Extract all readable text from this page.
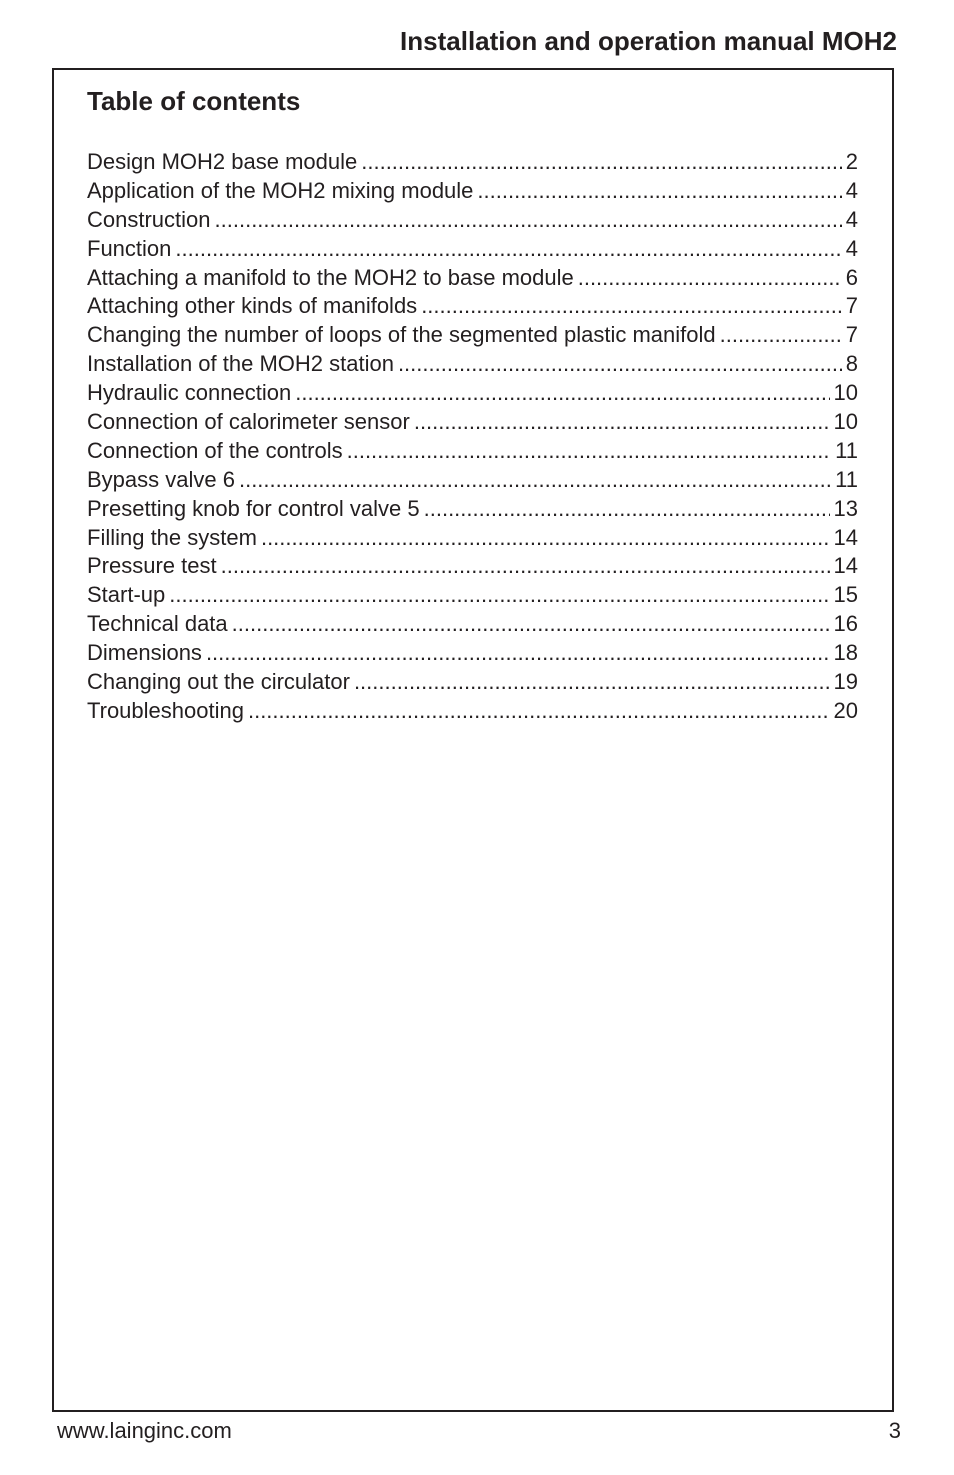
Installation and operation manual MOH2
Table of contents
Design MOH2 base module .....	2
Application of the MOH2 mixing module .....	4
Construction .....	4
Function .....	4
Attaching a manifold to the MOH2 to base module .....	6
Attaching other kinds of manifolds .....	7
Changing the number of loops of the segmented plastic manifold .....	7
Installation of the MOH2 station .....	8
Hydraulic connection .....	10
Connection of calorimeter sensor .....	10
Connection of the controls .....	11
Bypass valve 6 .....	11
Presetting knob for control valve 5 .....	13
Filling the system .....	14
Pressure test .....	14
Start-up .....	15
Technical data .....	16
Dimensions .....	18
Changing out the circulator .....	19
Troubleshooting .....	20
www.lainginc.com	3
